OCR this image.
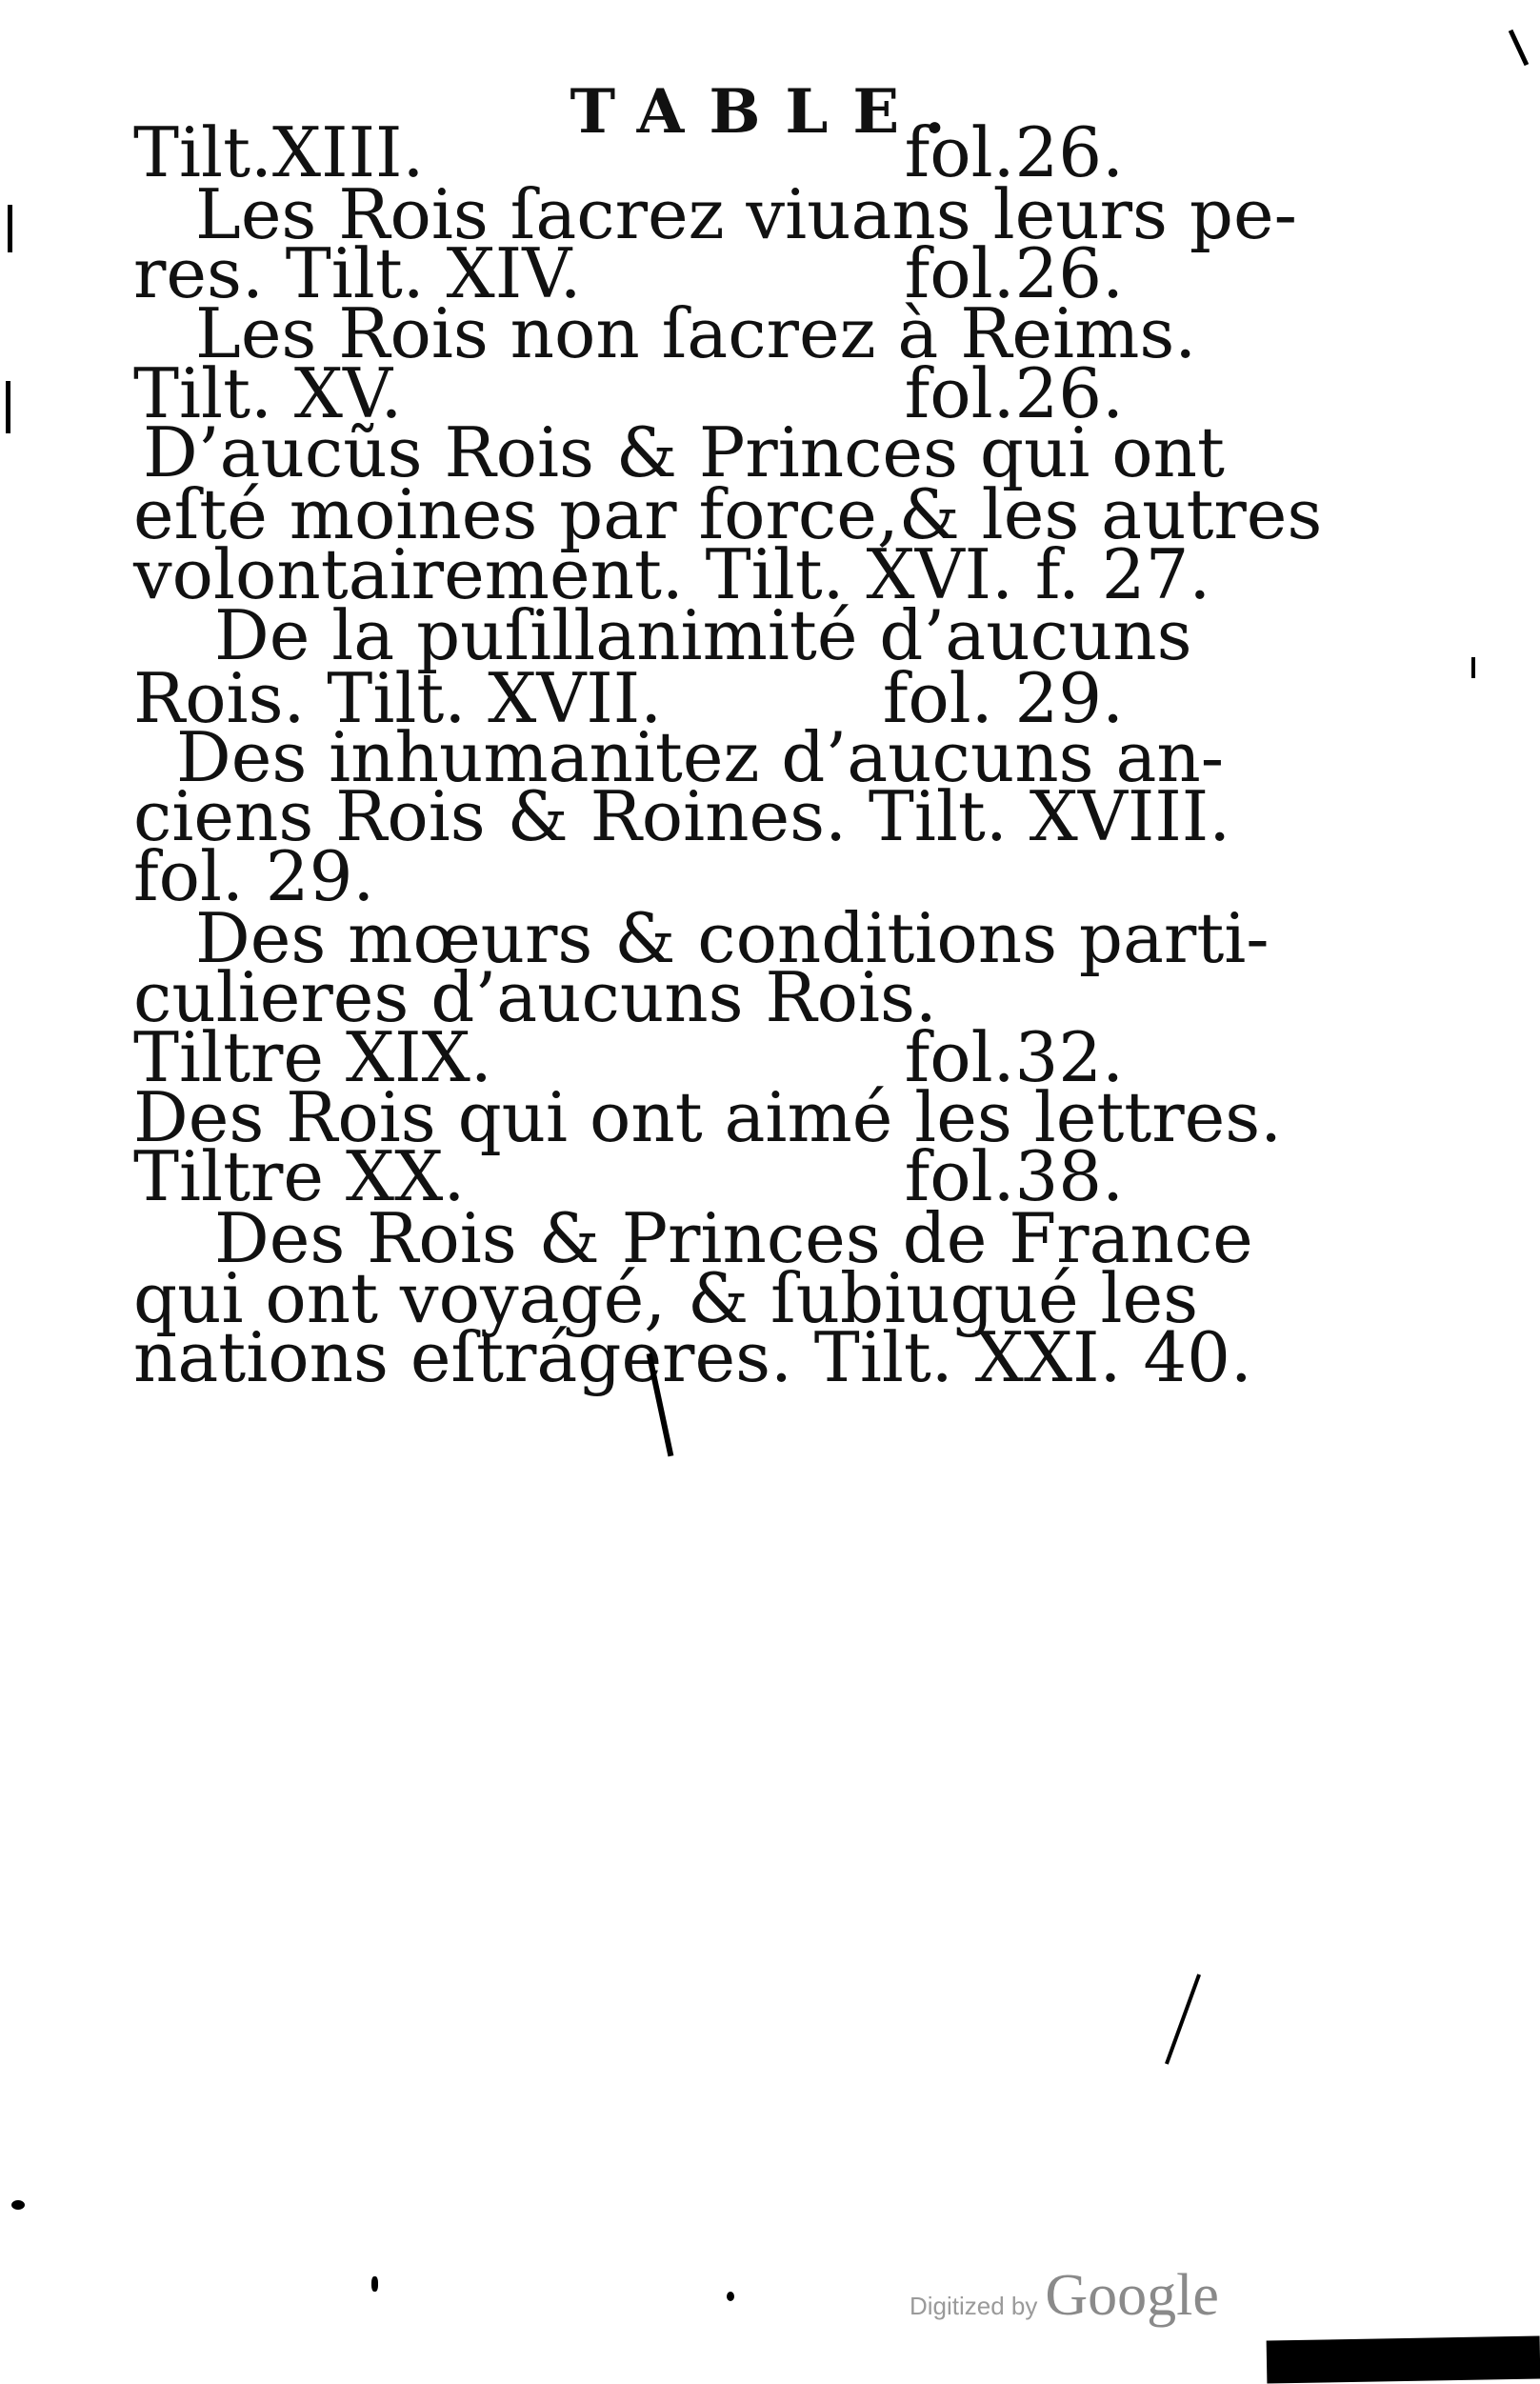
TABLE.
Tilt.XIII.	fol.26.
Les Rois ſacrez viuans leurs pe-
res. Tilt. XIV.	fol.26.
Les Rois non ſacrez à Reims.
Tilt. XV.	fol.26.
D’aucũs Rois & Princes qui ont
eſté moines par force,& les autres
volontairement. Tilt. XVI. f. 27.
De la puſillanimité d’aucuns
Rois. Tilt. XVII.	fol. 29.
Des inhumanitez d’aucuns an-
ciens Rois & Roines. Tilt. XVIII.
fol. 29.
Des mœurs & conditions parti-
culieres d’aucuns Rois.
Tiltre XIX.	fol.32.
Des Rois qui ont aimé les lettres.
Tiltre XX.	fol.38.
Des Rois & Princes de France
qui ont voyagé, & ſubiugué les
nations eſtrágeres. Tilt. XXI. 40.
Digitized by Google
